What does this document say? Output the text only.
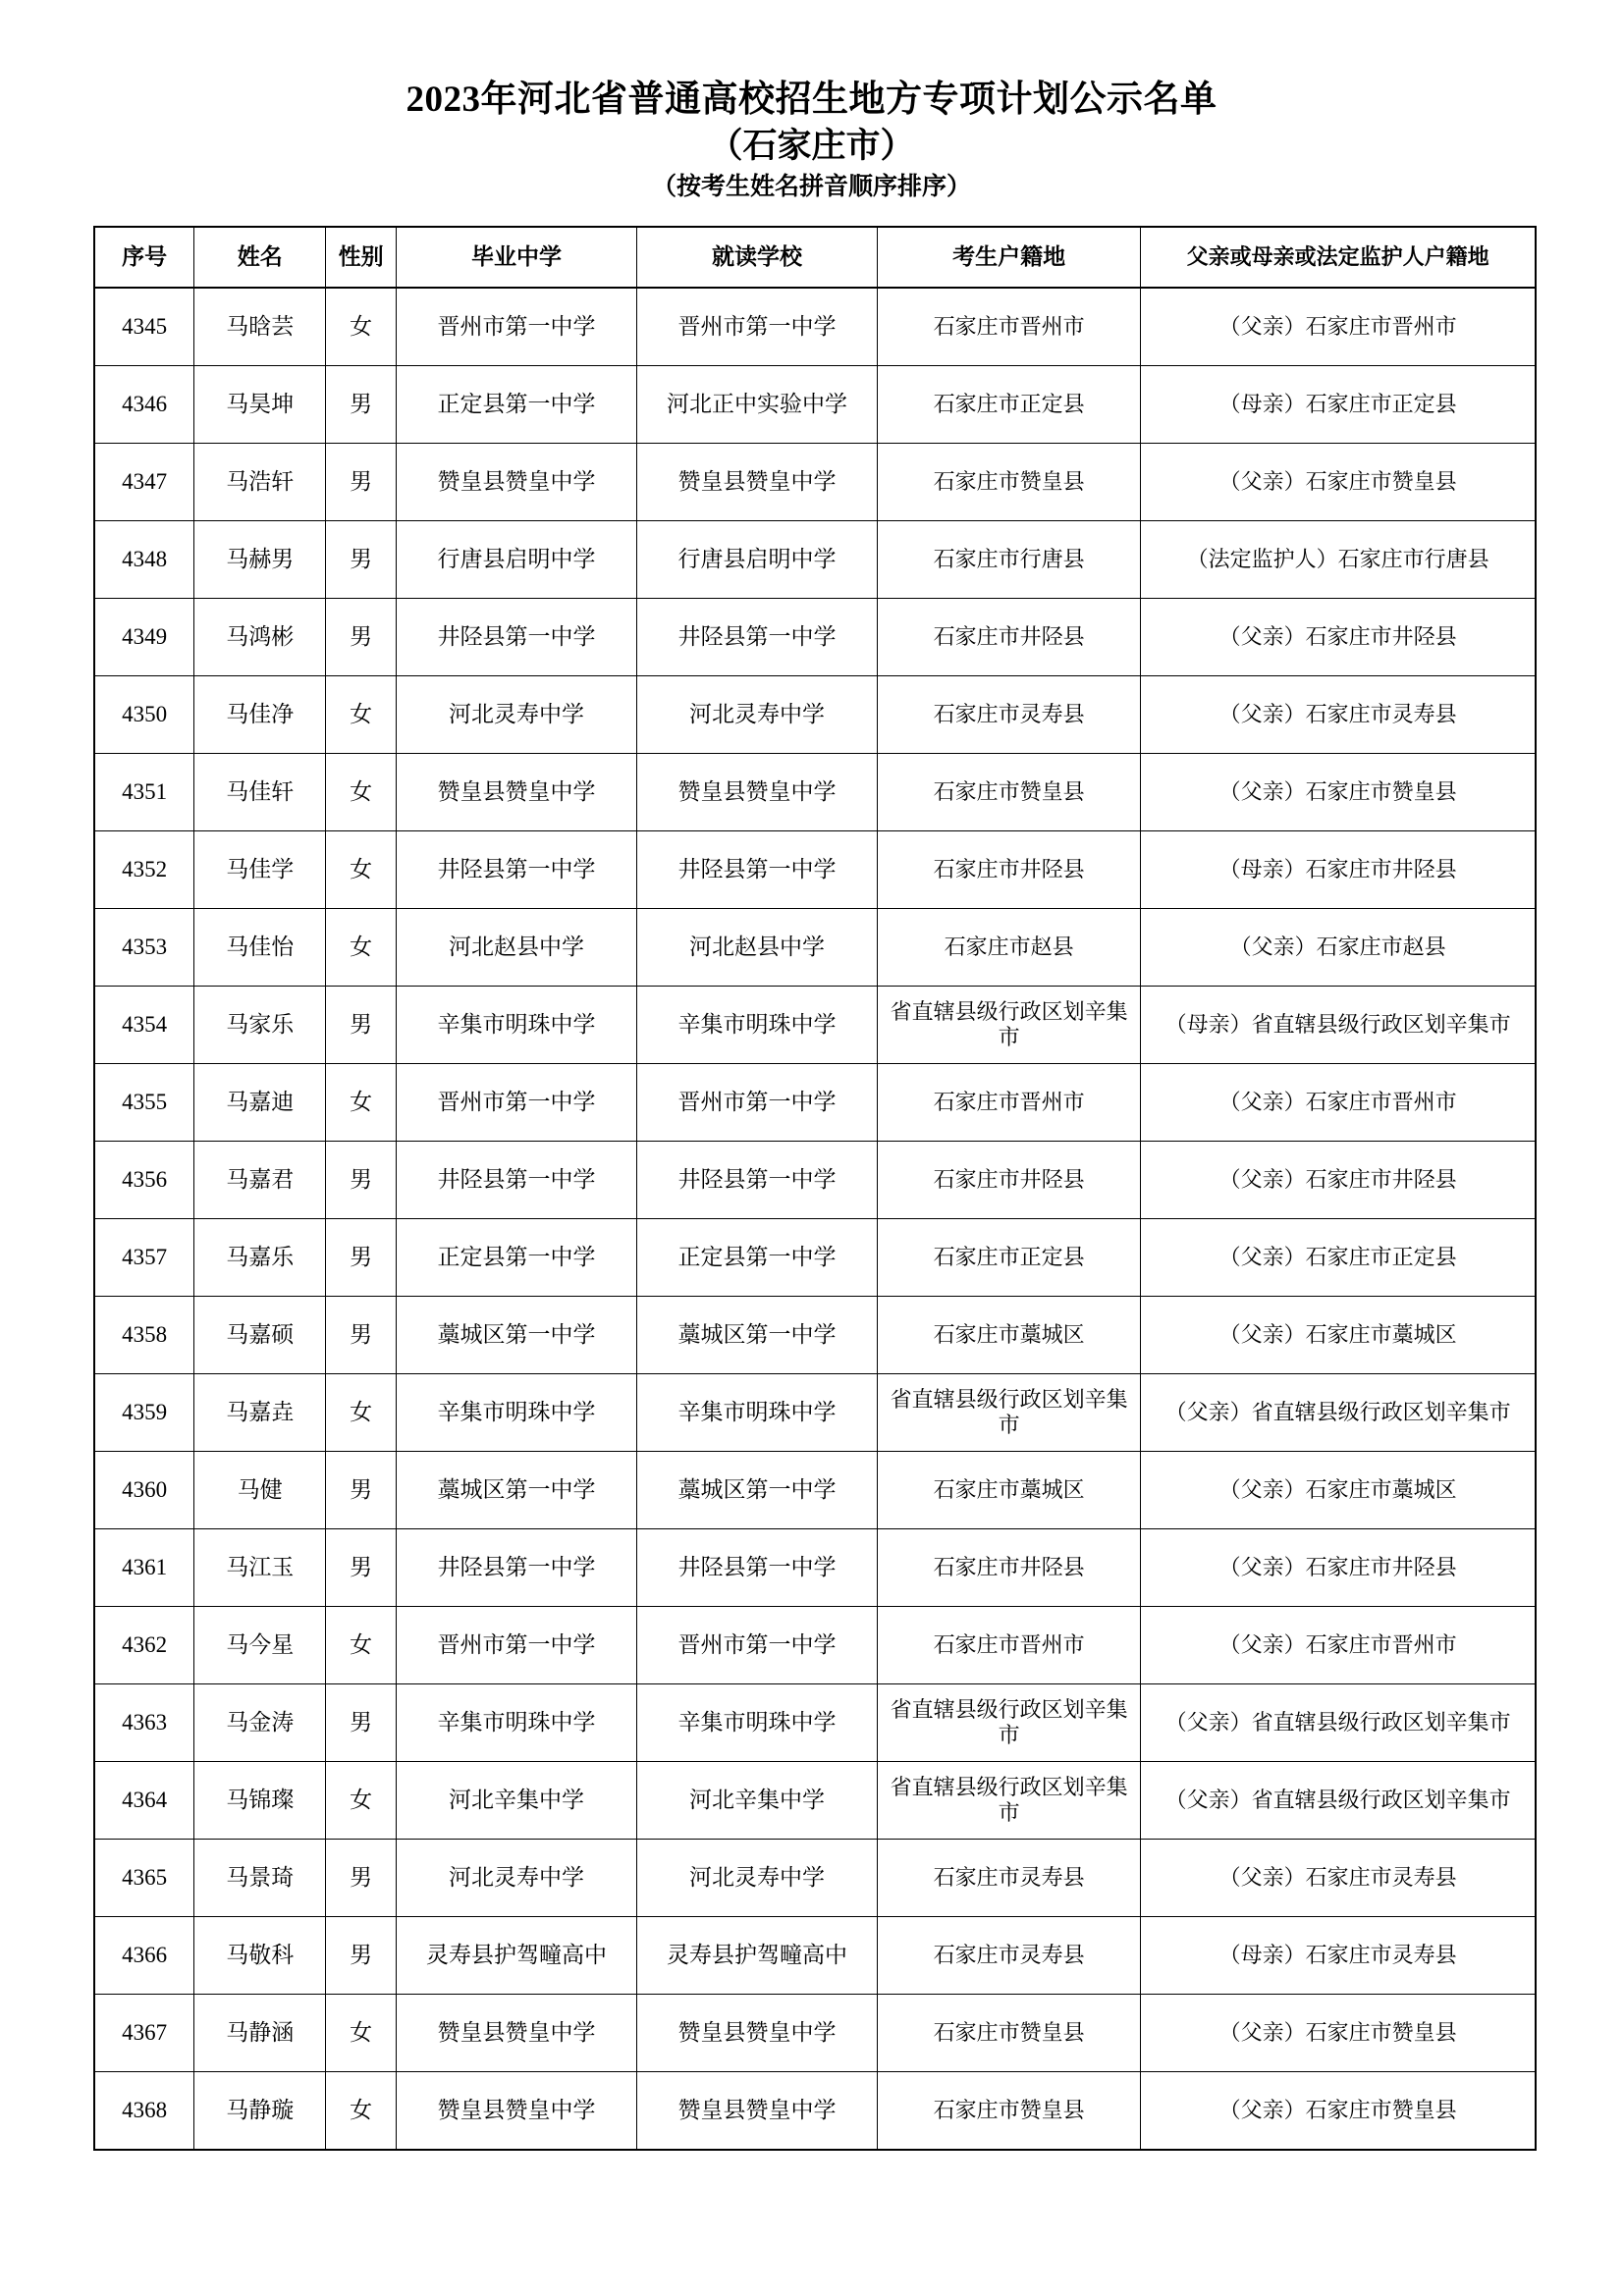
2023年河北省普通高校招生地方专项计划公示名单
（石家庄市）
（按考生姓名拼音顺序排序）
序号	姓名	性别	毕业中学	就读学校	考生户籍地	父亲或母亲或法定监护人户籍地
4345	马晗芸	女	晋州市第一中学	晋州市第一中学	石家庄市晋州市	（父亲）石家庄市晋州市
4346	马昊坤	男	正定县第一中学	河北正中实验中学	石家庄市正定县	（母亲）石家庄市正定县
4347	马浩轩	男	赞皇县赞皇中学	赞皇县赞皇中学	石家庄市赞皇县	（父亲）石家庄市赞皇县
4348	马赫男	男	行唐县启明中学	行唐县启明中学	石家庄市行唐县	（法定监护人）石家庄市行唐县
4349	马鸿彬	男	井陉县第一中学	井陉县第一中学	石家庄市井陉县	（父亲）石家庄市井陉县
4350	马佳净	女	河北灵寿中学	河北灵寿中学	石家庄市灵寿县	（父亲）石家庄市灵寿县
4351	马佳轩	女	赞皇县赞皇中学	赞皇县赞皇中学	石家庄市赞皇县	（父亲）石家庄市赞皇县
4352	马佳学	女	井陉县第一中学	井陉县第一中学	石家庄市井陉县	（母亲）石家庄市井陉县
4353	马佳怡	女	河北赵县中学	河北赵县中学	石家庄市赵县	（父亲）石家庄市赵县
4354	马家乐	男	辛集市明珠中学	辛集市明珠中学	省直辖县级行政区划辛集市	（母亲）省直辖县级行政区划辛集市
4355	马嘉迪	女	晋州市第一中学	晋州市第一中学	石家庄市晋州市	（父亲）石家庄市晋州市
4356	马嘉君	男	井陉县第一中学	井陉县第一中学	石家庄市井陉县	（父亲）石家庄市井陉县
4357	马嘉乐	男	正定县第一中学	正定县第一中学	石家庄市正定县	（父亲）石家庄市正定县
4358	马嘉硕	男	藁城区第一中学	藁城区第一中学	石家庄市藁城区	（父亲）石家庄市藁城区
4359	马嘉垚	女	辛集市明珠中学	辛集市明珠中学	省直辖县级行政区划辛集市	（父亲）省直辖县级行政区划辛集市
4360	马健	男	藁城区第一中学	藁城区第一中学	石家庄市藁城区	（父亲）石家庄市藁城区
4361	马江玉	男	井陉县第一中学	井陉县第一中学	石家庄市井陉县	（父亲）石家庄市井陉县
4362	马今星	女	晋州市第一中学	晋州市第一中学	石家庄市晋州市	（父亲）石家庄市晋州市
4363	马金涛	男	辛集市明珠中学	辛集市明珠中学	省直辖县级行政区划辛集市	（父亲）省直辖县级行政区划辛集市
4364	马锦璨	女	河北辛集中学	河北辛集中学	省直辖县级行政区划辛集市	（父亲）省直辖县级行政区划辛集市
4365	马景琦	男	河北灵寿中学	河北灵寿中学	石家庄市灵寿县	（父亲）石家庄市灵寿县
4366	马敬科	男	灵寿县护驾疃高中	灵寿县护驾疃高中	石家庄市灵寿县	（母亲）石家庄市灵寿县
4367	马静涵	女	赞皇县赞皇中学	赞皇县赞皇中学	石家庄市赞皇县	（父亲）石家庄市赞皇县
4368	马静璇	女	赞皇县赞皇中学	赞皇县赞皇中学	石家庄市赞皇县	（父亲）石家庄市赞皇县
